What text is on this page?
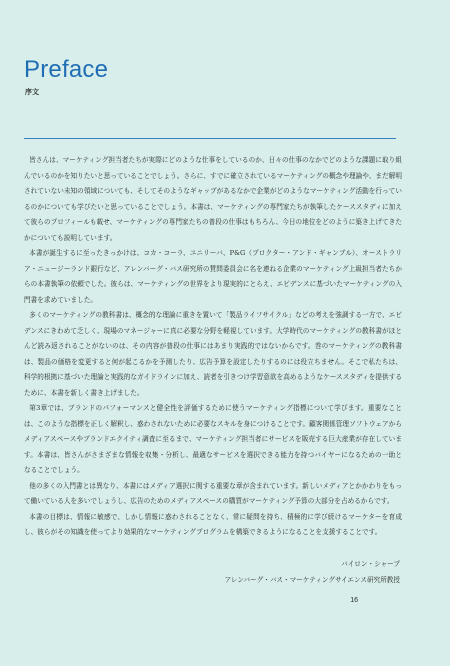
Preface
序文

皆さんは、マーケティング担当者たちが実際にどのような仕事をしているのか、日々の仕事のなかでどのような課題に取り組んでいるのかを知りたいと思っていることでしょう。さらに、すでに確立されているマーケティングの概念や理論や、まだ解明されていない未知の領域についても、そしてそのようなギャップがあるなかで企業がどのようなマーケティング活動を行っているのかについても学びたいと思っていることでしょう。本書は、マーケティングの専門家たちが執筆したケーススタディに加えて彼らのプロフィールも載せ、マーケティングの専門家たちの普段の仕事はもちろん、今日の地位をどのように築き上げてきたかについても説明しています。

本書が誕生するに至ったきっかけは、コカ・コーラ、ユニリーバ、P&G（プロクター・アンド・ギャンブル）、オーストラリア・ニュージーランド銀行など、アレンバーグ・バス研究所の賛問委員会に名を連ねる企業のマーケティング上級担当者たちからの本書執筆の依頼でした。彼らは、マーケティングの世界をより現実的にとらえ、エビデンスに基づいたマーケティングの入門書を求めていました。

多くのマーケティングの教科書は、概念的な理論に重きを置いて「製品ライフサイクル」などの考えを強調する一方で、エビデンスにきわめて乏しく、現場のマネージャーに真に必要な分野を軽視しています。大学時代のマーケティングの教科書がほとんど読み返されることがないのは、その内容が普段の仕事にはあまり実践的ではないからです。巻のマーケティングの教科書は、製品の価格を変更すると何が起こるかを予測したり、広告予算を設定したりするのには役立ちません。そこで私たちは、科学的根拠に基づいた理論と実践的なガイドラインに加え、読者を引きつけ学習意欲を高めるようなケーススタディを提供するために、本書を新しく書き上げました。

第3章では、ブランドのパフォーマンスと健全性を評価するために使うマーケティング指標について学びます。重要なことは、このような指標を正しく解釈し、惑わされないために必要なスキルを身につけることです。顧客関係管理ソフトウェアからメディアスペースやブランドエクイティ調査に至るまで、マーケティング担当者にサービスを販売する巨大産業が存在しています。本書は、皆さんがさまざまな情報を収集・分析し、最適なサービスを選択できる能力を持つバイヤーになるための一助となることでしょう。

他の多くの入門書とは異なり、本書にはメディア選択に関する重要な章が含まれています。新しいメディアとかかわりをもって働いている人を多いでしょうし、広告のためのメディアスペースの購買がマーケティング予算の大部分を占めるからです。

本書の目標は、情報に敏感で、しかし情報に惑わされることなく、常に疑問を持ち、積極的に学び続けるマーケターを育成し、彼らがその知識を使ってより効果的なマーケティングプログラムを構築できるようになることを支援することです。

バイロン・シャープ
アレンバーグ・バス・マーケティングサイエンス研究所教授
16
